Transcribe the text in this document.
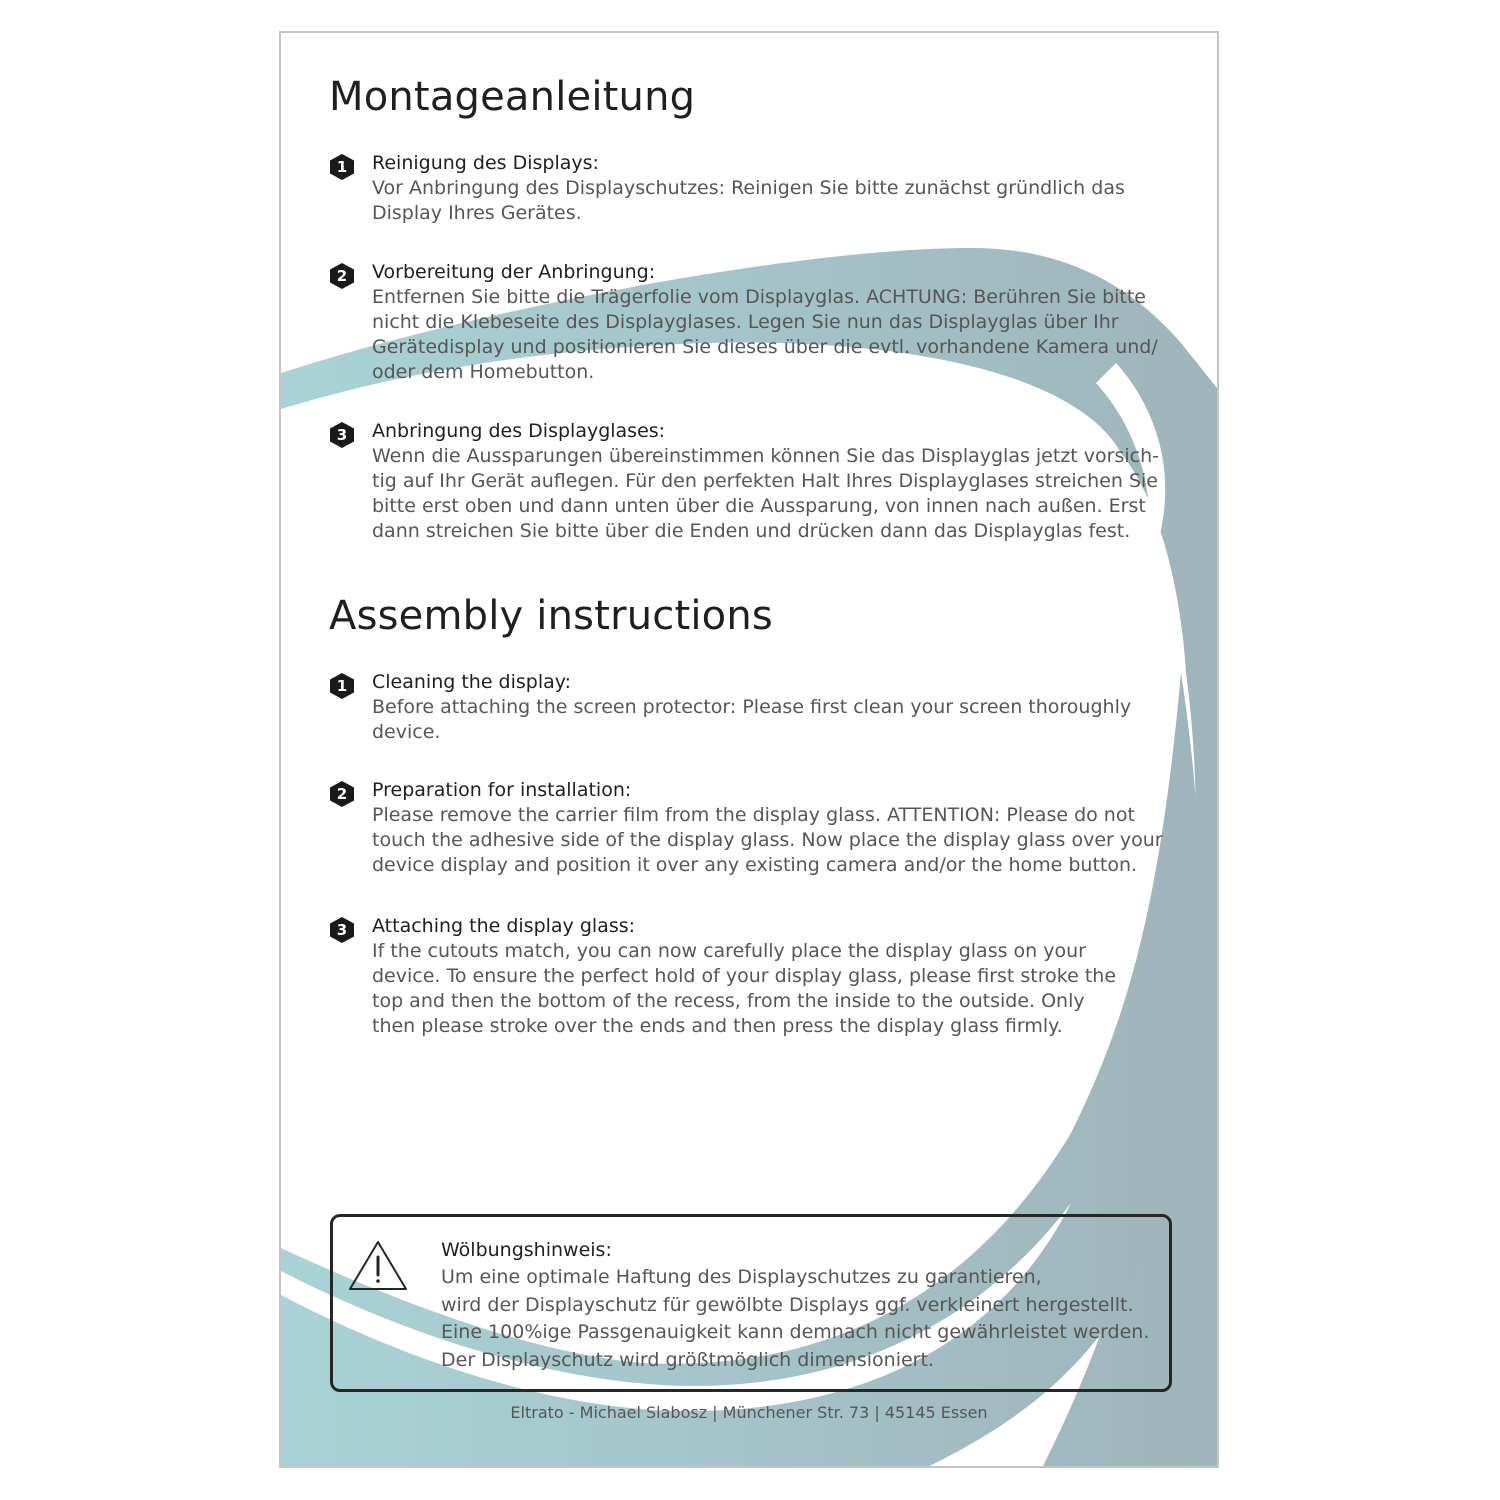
Montageanleitung
1	Reinigung des Displays:
Vor Anbringung des Displayschutzes: Reinigen Sie bitte zunächst gründlich das
Display Ihres Gerätes.
2	Vorbereitung der Anbringung:
Entfernen Sie bitte die Trägerfolie vom Displayglas. ACHTUNG: Berühren Sie bitte
nicht die Klebeseite des Displayglases. Legen Sie nun das Displayglas über Ihr
Gerätedisplay und positionieren Sie dieses über die evtl. vorhandene Kamera und/
oder dem Homebutton.
3	Anbringung des Displayglases:
Wenn die Aussparungen übereinstimmen können Sie das Displayglas jetzt vorsich-
tig auf Ihr Gerät auflegen. Für den perfekten Halt Ihres Displayglases streichen Sie
bitte erst oben und dann unten über die Aussparung, von innen nach außen. Erst
dann streichen Sie bitte über die Enden und drücken dann das Displayglas fest.
Assembly instructions
1	Cleaning the display:
Before attaching the screen protector: Please first clean your screen thoroughly
device.
2	Preparation for installation:
Please remove the carrier film from the display glass. ATTENTION: Please do not
touch the adhesive side of the display glass. Now place the display glass over your
device display and position it over any existing camera and/or the home button.
3	Attaching the display glass:
If the cutouts match, you can now carefully place the display glass on your
device. To ensure the perfect hold of your display glass, please first stroke the
top and then the bottom of the recess, from the inside to the outside. Only
then please stroke over the ends and then press the display glass firmly.
Wölbungshinweis:
Um eine optimale Haftung des Displayschutzes zu garantieren,
wird der Displayschutz für gewölbte Displays ggf. verkleinert hergestellt.
Eine 100%ige Passgenauigkeit kann demnach nicht gewährleistet werden.
Der Displayschutz wird größtmöglich dimensioniert.
Eltrato - Michael Slabosz | Münchener Str. 73 | 45145 Essen
